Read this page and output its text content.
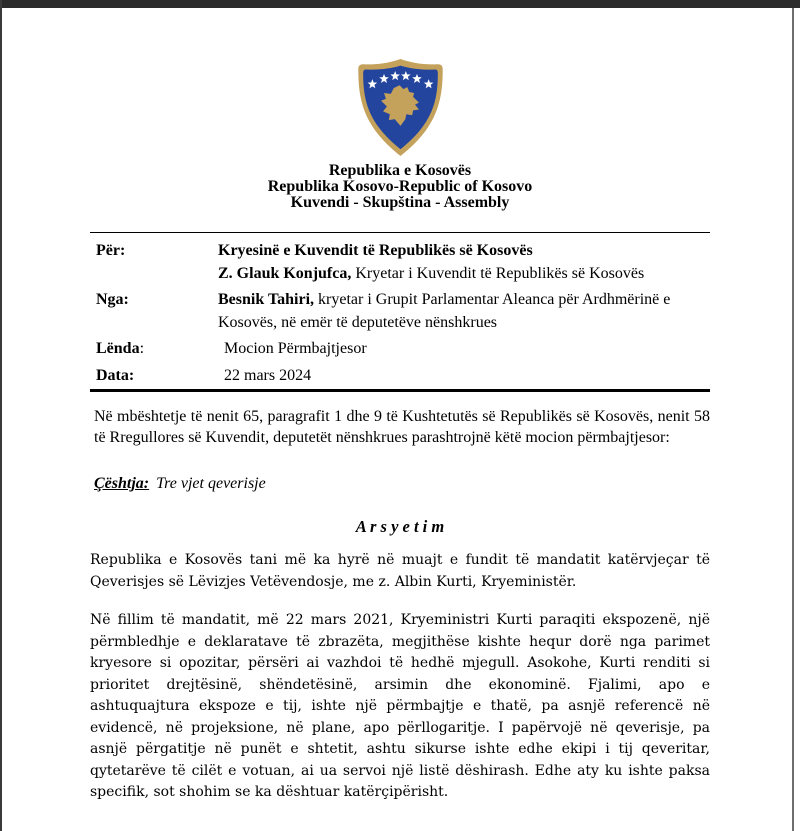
Republika e Kosovës
Republika Kosovo-Republic of Kosovo
Kuvendi - Skupština - Assembly
Për:	Kryesinë e Kuvendit të Republikës së Kosovës
Z. Glauk Konjufca, Kryetar i Kuvendit të Republikës së Kosovës
Nga:	Besnik Tahiri, kryetar i Grupit Parlamentar Aleanca për Ardhmërinë e Kosovës, në emër të deputetëve nënshkrues
Lënda:	Mocion Përmbajtjesor
Data:	22 mars 2024

Në mbështetje të nenit 65, paragrafit 1 dhe 9 të Kushtetutës së Republikës së Kosovës, nenit 58 të Rregullores së Kuvendit, deputetët nënshkrues parashtrojnë këtë mocion përmbajtjesor:

Çështja: Tre vjet qeverisje
A r s y e t i m

Republika e Kosovës tani më ka hyrë në muajt e fundit të mandatit katërvjeçar të Qeverisjes së Lëvizjes Vetëvendosje, me z. Albin Kurti, Kryeministër.

Në fillim të mandatit, më 22 mars 2021, Kryeministri Kurti paraqiti ekspozenë, një përmbledhje e deklaratave të zbrazëta, megjithëse kishte hequr dorë nga parimet kryesore si opozitar, përsëri ai vazhdoi të hedhë mjegull. Asokohe, Kurti renditi si prioritet drejtësinë, shëndetësinë, arsimin dhe ekonominë. Fjalimi, apo e ashtuquajtura ekspoze e tij, ishte një përmbajtje e thatë, pa asnjë referencë në evidencë, në projeksione, në plane, apo përllogaritje. I papërvojë në qeverisje, pa asnjë përgatitje në punët e shtetit, ashtu sikurse ishte edhe ekipi i tij qeveritar, qytetarëve të cilët e votuan, ai ua servoi një listë dëshirash. Edhe aty ku ishte paksa specifik, sot shohim se ka dështuar katërçipërisht.
